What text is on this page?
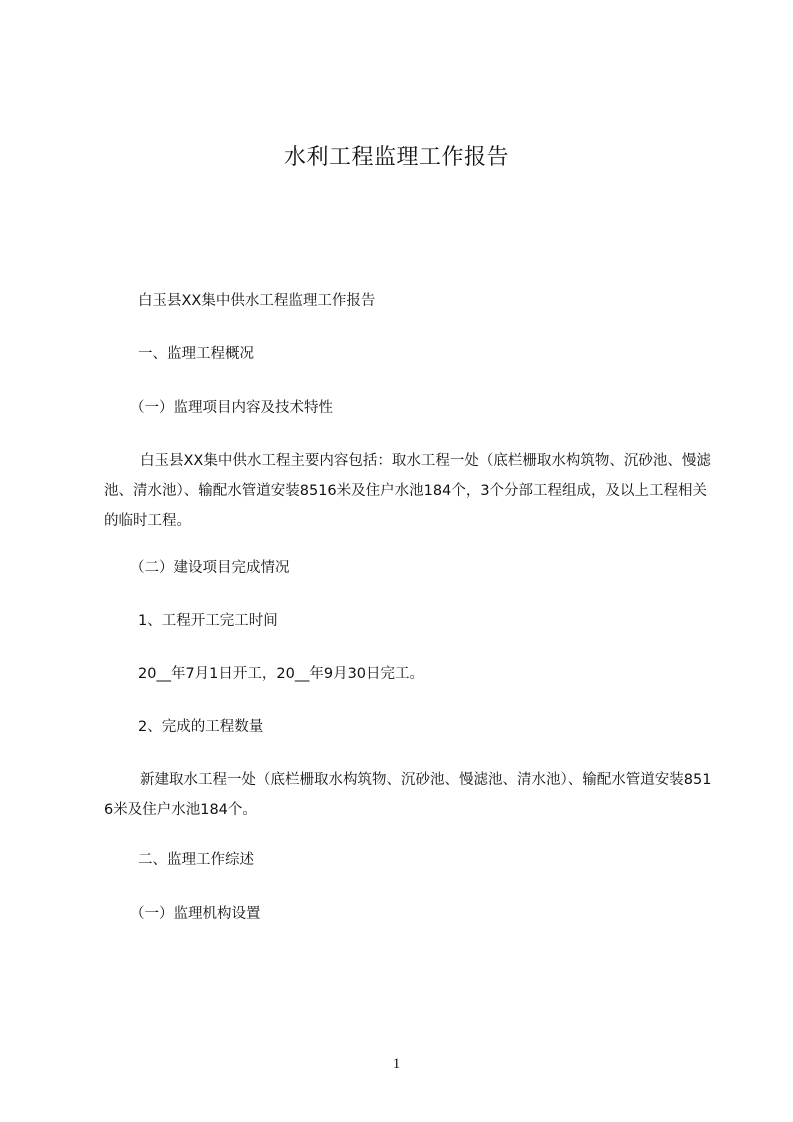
水利工程监理工作报告
白玉县XX集中供水工程监理工作报告
一、监理工程概况
（一）监理项目内容及技术特性
白玉县XX集中供水工程主要内容包括：取水工程一处（底栏栅取水构筑物、沉砂池、慢滤池、清水池）、输配水管道安装8516米及住户水池184个，3个分部工程组成，及以上工程相关的临时工程。
（二）建设项目完成情况
1、工程开工完工时间
20__年7月1日开工，20__年9月30日完工。
2、完成的工程数量
新建取水工程一处（底栏栅取水构筑物、沉砂池、慢滤池、清水池）、输配水管道安装8516米及住户水池184个。
二、监理工作综述
（一）监理机构设置
1
